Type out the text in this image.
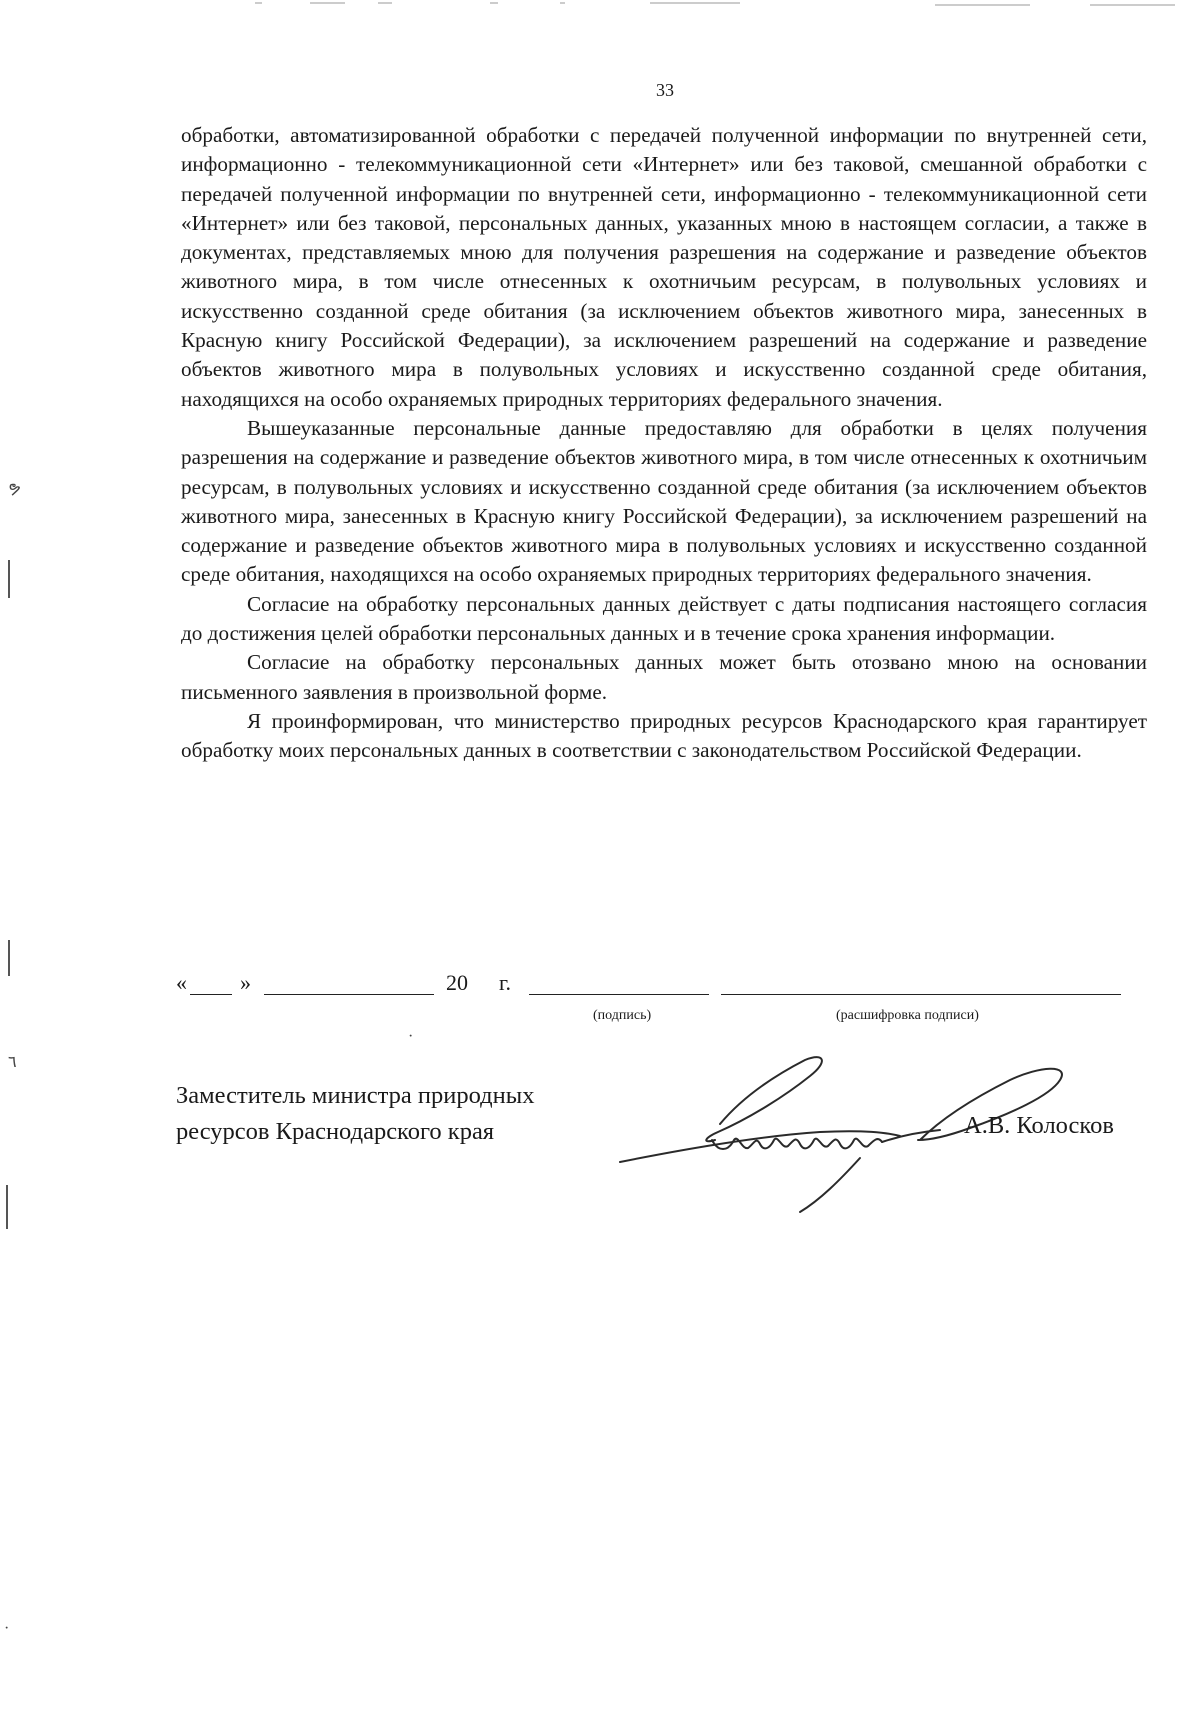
33

обработки, автоматизированной обработки с передачей полученной информации по внутренней сети, информационно - телекоммуникационной сети «Интернет» или без таковой, смешанной обработки с передачей полученной информации по внутренней сети, информационно - телекоммуникационной сети «Интернет» или без таковой, персональных данных, указанных мною в настоящем согласии, а также в документах, представляемых мною для получения разрешения на содержание и разведение объектов животного мира, в том числе отнесенных к охотничьим ресурсам, в полувольных условиях и искусственно созданной среде обитания (за исключением объектов животного мира, занесенных в Красную книгу Российской Федерации), за исключением разрешений на содержание и разведение объектов животного мира в полувольных условиях и искусственно созданной среде обитания, находящихся на особо охраняемых природных территориях федерального значения.

Вышеуказанные персональные данные предоставляю для обработки в целях получения разрешения на содержание и разведение объектов животного мира, в том числе отнесенных к охотничьим ресурсам, в полувольных условиях и искусственно созданной среде обитания (за исключением объектов животного мира, занесенных в Красную книгу Российской Федерации), за исключением разрешений на содержание и разведение объектов животного мира в полувольных условиях и искусственно созданной среде обитания, находящихся на особо охраняемых природных территориях федерального значения.

Согласие на обработку персональных данных действует с даты подписания настоящего согласия до достижения целей обработки персональных данных и в течение срока хранения информации.

Согласие на обработку персональных данных может быть отозвано мною на основании письменного заявления в произвольной форме.

Я проинформирован, что министерство природных ресурсов Краснодарского края гарантирует обработку моих персональных данных в соответствии с законодательством Российской Федерации.

« »	20 г.
(подпись)	(расшифровка подписи)
Заместитель министра природных
ресурсов Краснодарского края	А.В. Колосков
ຯ
٦
·
·
